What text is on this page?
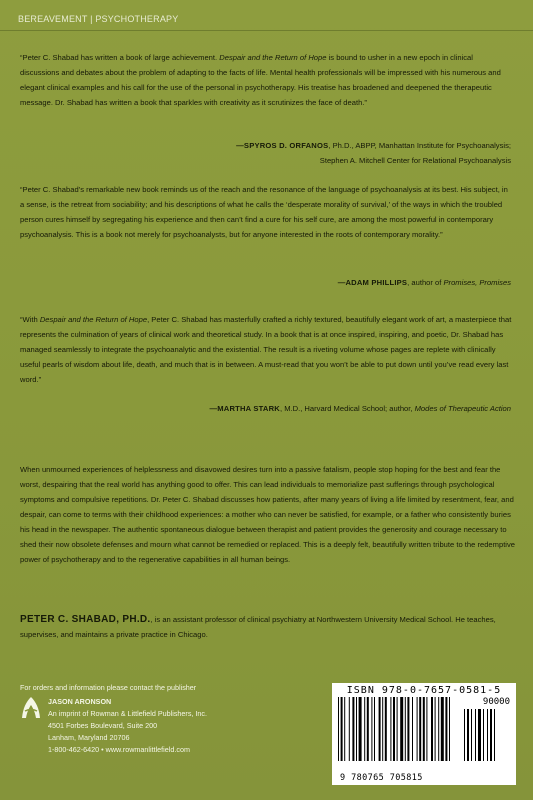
BEREAVEMENT | PSYCHOTHERAPY
“Peter C. Shabad has written a book of large achievement. Despair and the Return of Hope is bound to usher in a new epoch in clinical discussions and debates about the problem of adapting to the facts of life. Mental health professionals will be impressed with his numerous and elegant clinical examples and his call for the use of the personal in psychotherapy. His treatise has broadened and deepened the therapeutic message. Dr. Shabad has written a book that sparkles with creativity as it scrutinizes the face of death.”
—SPYROS D. ORFANOS, Ph.D., ABPP, Manhattan Institute for Psychoanalysis;
Stephen A. Mitchell Center for Relational Psychoanalysis
“Peter C. Shabad’s remarkable new book reminds us of the reach and the resonance of the language of psychoanalysis at its best. His subject, in a sense, is the retreat from sociability; and his descriptions of what he calls the ‘desperate morality of survival,’ of the ways in which the troubled person cures himself by segregating his experience and then can’t find a cure for his self cure, are among the most powerful in contemporary psychoanalysis. This is a book not merely for psychoanalysts, but for anyone interested in the roots of contemporary morality.”
—ADAM PHILLIPS, author of Promises, Promises
“With Despair and the Return of Hope, Peter C. Shabad has masterfully crafted a richly textured, beautifully elegant work of art, a masterpiece that represents the culmination of years of clinical work and theoretical study. In a book that is at once inspired, inspiring, and poetic, Dr. Shabad has managed seamlessly to integrate the psychoanalytic and the existential. The result is a riveting volume whose pages are replete with clinically useful pearls of wisdom about life, death, and much that is in between. A must-read that you won’t be able to put down until you’ve read every last word.”
—MARTHA STARK, M.D., Harvard Medical School; author, Modes of Therapeutic Action
When unmourned experiences of helplessness and disavowed desires turn into a passive fatalism, people stop hoping for the best and fear the worst, despairing that the real world has anything good to offer. This can lead individuals to memorialize past sufferings through psychological symptoms and compulsive repetitions. Dr. Peter C. Shabad discusses how patients, after many years of living a life limited by resentment, fear, and despair, can come to terms with their childhood experiences: a mother who can never be satisfied, for example, or a father who consistently buries his head in the newspaper. The authentic spontaneous dialogue between therapist and patient provides the generosity and courage necessary to shed their now obsolete defenses and mourn what cannot be remedied or replaced. This is a deeply felt, beautifully written tribute to the redemptive power of psychotherapy and to the regenerative capabilities in all human beings.
PETER C. SHABAD, PH.D., is an assistant professor of clinical psychiatry at Northwestern University Medical School. He teaches, supervises, and maintains a private practice in Chicago.
For orders and information please contact the publisher
JASON ARONSON
An imprint of Rowman & Littlefield Publishers, Inc.
4501 Forbes Boulevard, Suite 200
Lanham, Maryland 20706
1-800-462-6420 • www.rowmanlittlefield.com
ISBN 978-0-7657-0581-5
90000
9 780765 705815
